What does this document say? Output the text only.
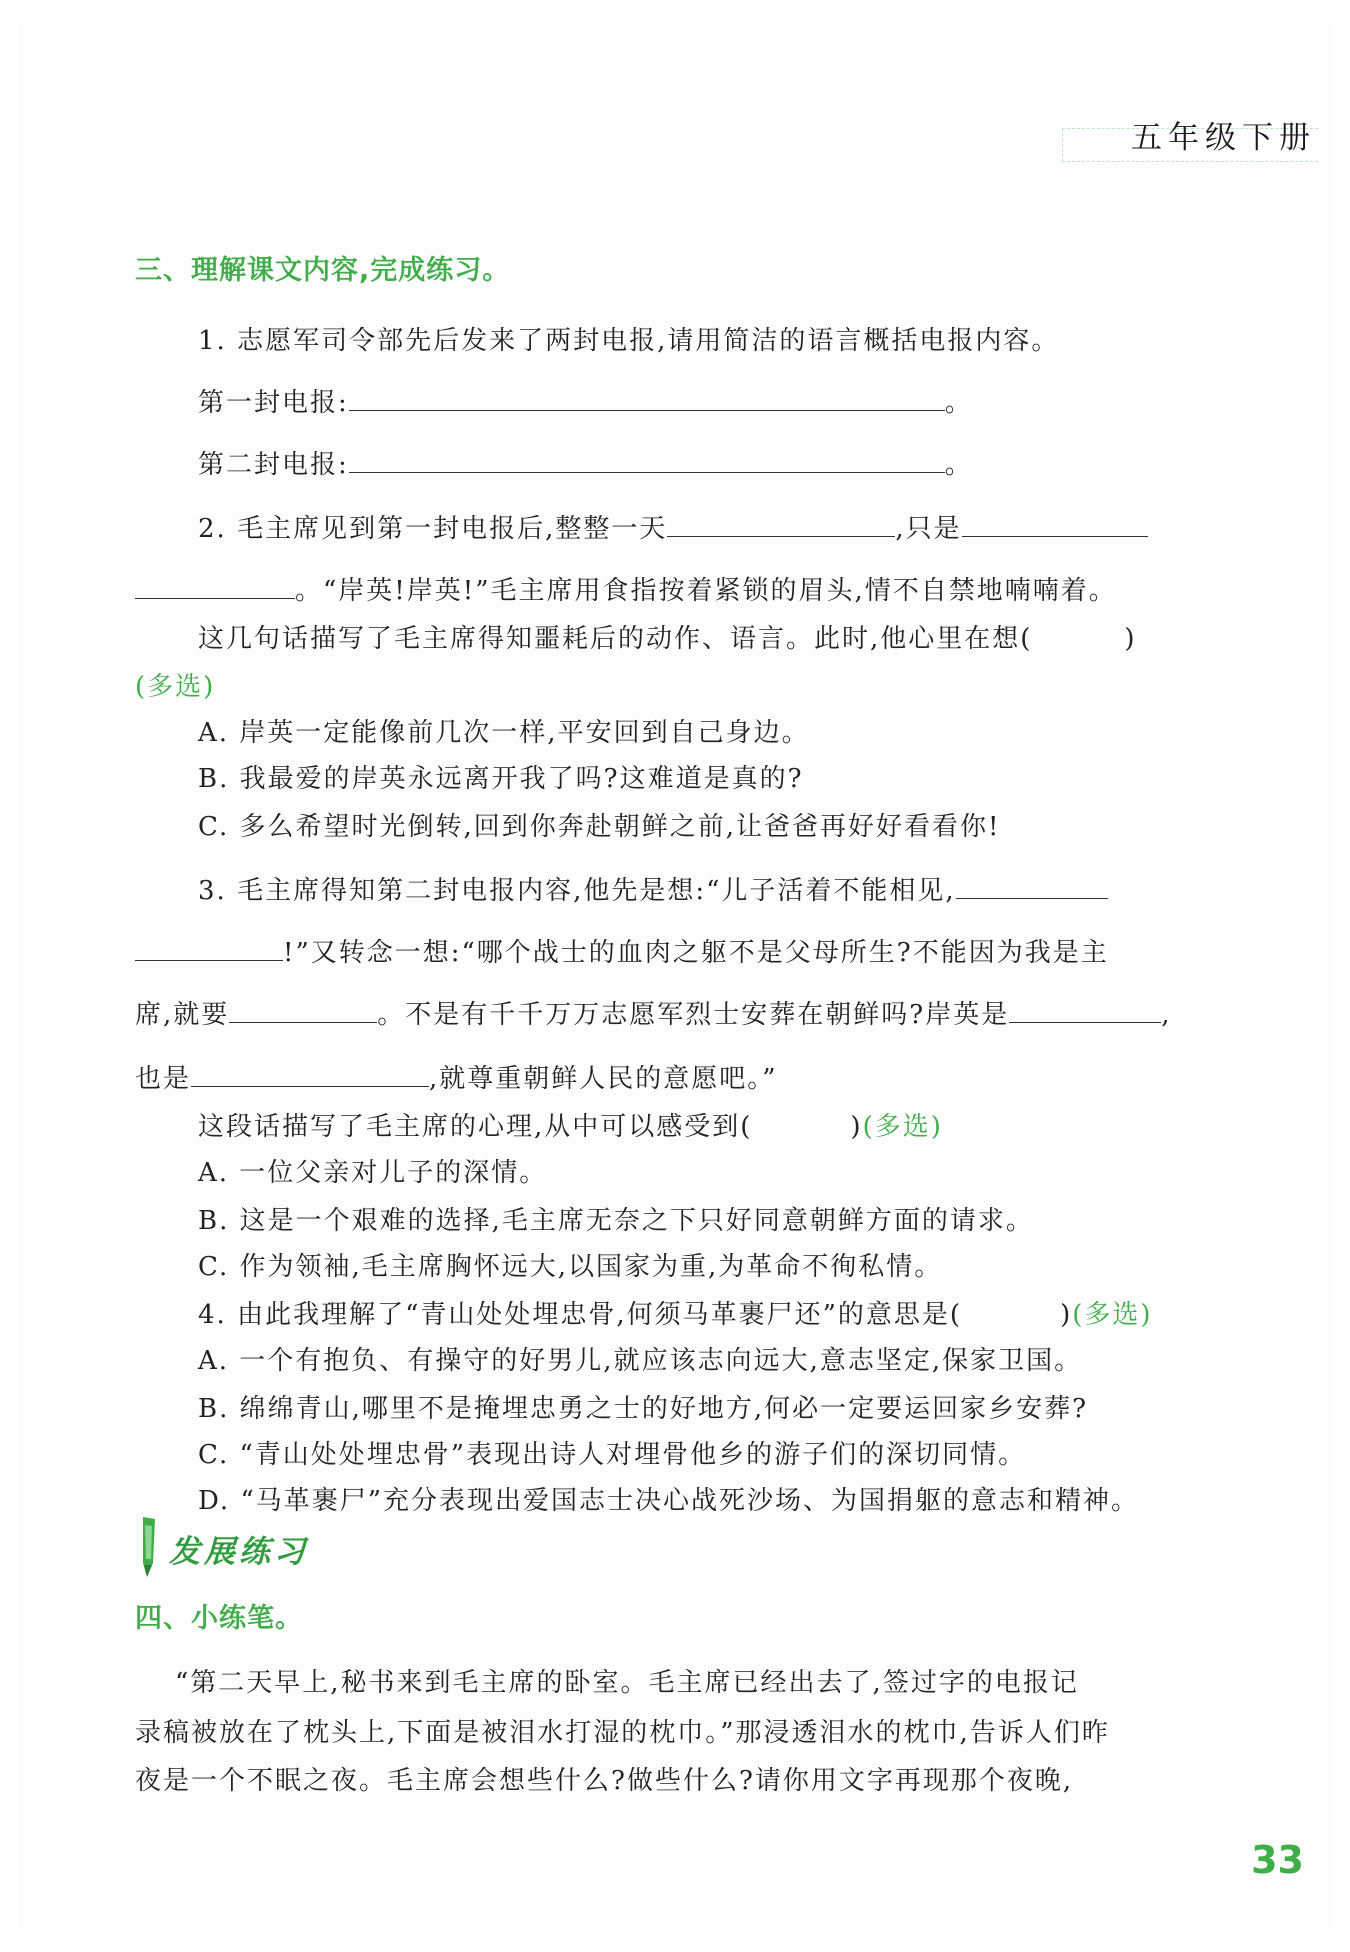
五年级下册
三、理解课文内容,完成练习。
1. 志愿军司令部先后发来了两封电报,请用简洁的语言概括电报内容。
第一封电报:	。
第二封电报:	。
2. 毛主席见到第一封电报后,整整一天	,只是
。“岸英!岸英!”毛主席用食指按着紧锁的眉头,情不自禁地喃喃着。
这几句话描写了毛主席得知噩耗后的动作、语言。此时,他心里在想(	)
(多选)
A. 岸英一定能像前几次一样,平安回到自己身边。
B. 我最爱的岸英永远离开我了吗?这难道是真的?
C. 多么希望时光倒转,回到你奔赴朝鲜之前,让爸爸再好好看看你!
3. 毛主席得知第二封电报内容,他先是想:“儿子活着不能相见,
!”又转念一想:“哪个战士的血肉之躯不是父母所生?不能因为我是主
席,就要	。不是有千千万万志愿军烈士安葬在朝鲜吗?岸英是	,
也是	,就尊重朝鲜人民的意愿吧。”
这段话描写了毛主席的心理,从中可以感受到(	)(多选)
A. 一位父亲对儿子的深情。
B. 这是一个艰难的选择,毛主席无奈之下只好同意朝鲜方面的请求。
C. 作为领袖,毛主席胸怀远大,以国家为重,为革命不徇私情。
4. 由此我理解了“青山处处埋忠骨,何须马革裹尸还”的意思是(	)(多选)
A. 一个有抱负、有操守的好男儿,就应该志向远大,意志坚定,保家卫国。
B. 绵绵青山,哪里不是掩埋忠勇之士的好地方,何必一定要运回家乡安葬?
C. “青山处处埋忠骨”表现出诗人对埋骨他乡的游子们的深切同情。
D. “马革裹尸”充分表现出爱国志士决心战死沙场、为国捐躯的意志和精神。
发展练习
四、小练笔。
“第二天早上,秘书来到毛主席的卧室。毛主席已经出去了,签过字的电报记
录稿被放在了枕头上,下面是被泪水打湿的枕巾。”那浸透泪水的枕巾,告诉人们昨
夜是一个不眠之夜。毛主席会想些什么?做些什么?请你用文字再现那个夜晚,
33
